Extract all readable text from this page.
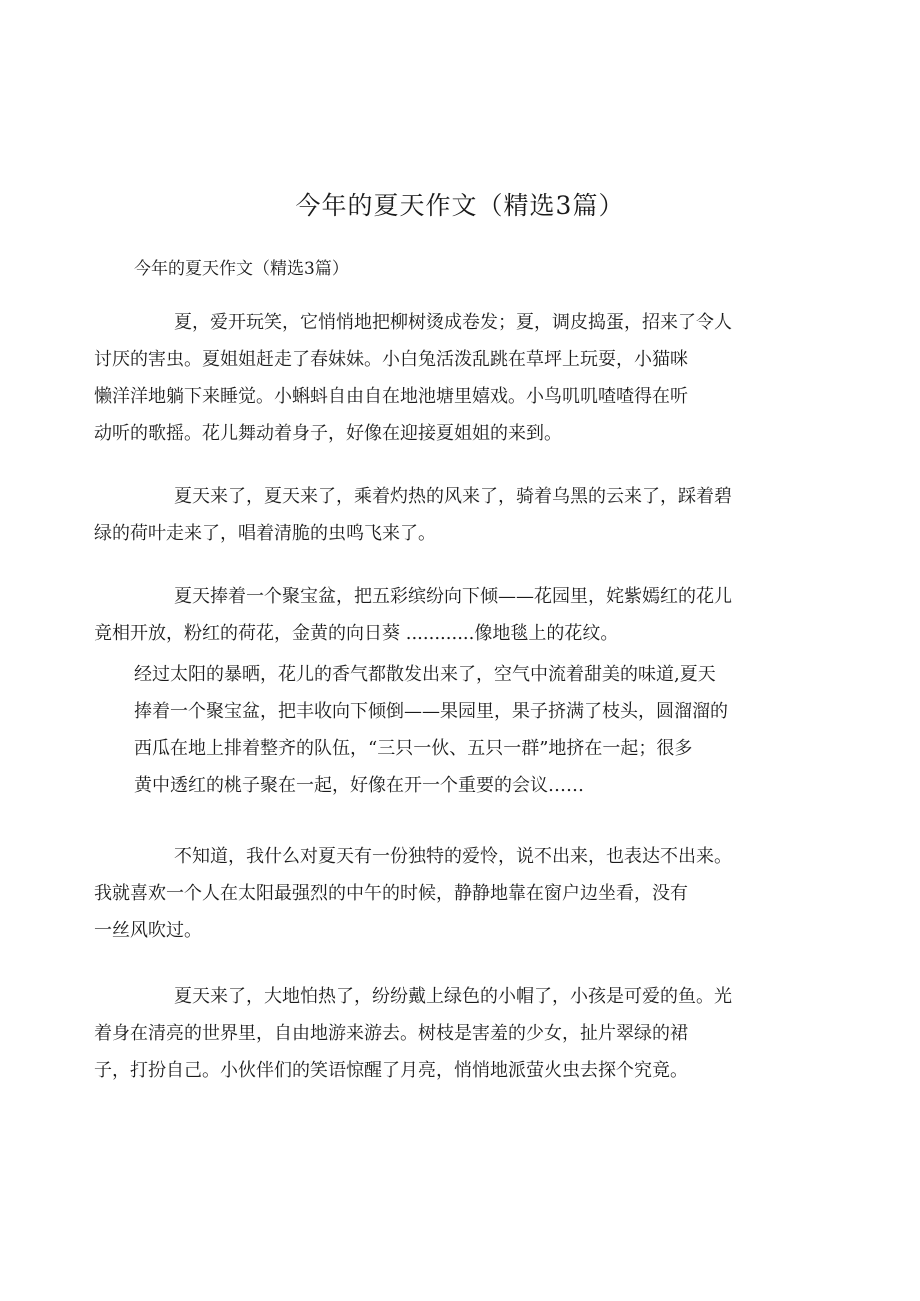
今年的夏天作文（精选3篇）

今年的夏天作文（精选3篇）

夏，爱开玩笑，它悄悄地把柳树烫成卷发；夏，调皮捣蛋，招来了令人
讨厌的害虫。夏姐姐赶走了春妹妹。小白兔活泼乱跳在草坪上玩耍，小猫咪
懒洋洋地躺下来睡觉。小蝌蚪自由自在地池塘里嬉戏。小鸟叽叽喳喳得在听
动听的歌摇。花儿舞动着身子，好像在迎接夏姐姐的来到。

夏天来了，夏天来了，乘着灼热的风来了，骑着乌黑的云来了，踩着碧
绿的荷叶走来了，唱着清脆的虫鸣飞来了。

夏天捧着一个聚宝盆，把五彩缤纷向下倾——花园里，姹紫嫣红的花儿
竟相开放，粉红的荷花，金黄的向日葵 ............像地毯上的花纹。

经过太阳的暴晒，花儿的香气都散发出来了，空气中流着甜美的味道,夏天
捧着一个聚宝盆，把丰收向下倾倒——果园里，果子挤满了枝头，圆溜溜的
西瓜在地上排着整齐的队伍，“三只一伙、五只一群”地挤在一起；很多
黄中透红的桃子聚在一起，好像在开一个重要的会议……

不知道，我什么对夏天有一份独特的爱怜，说不出来，也表达不出来。
我就喜欢一个人在太阳最强烈的中午的时候，静静地靠在窗户边坐看，没有
一丝风吹过。

夏天来了，大地怕热了，纷纷戴上绿色的小帽了，小孩是可爱的鱼。光
着身在清亮的世界里，自由地游来游去。树枝是害羞的少女，扯片翠绿的裙
子，打扮自己。小伙伴们的笑语惊醒了月亮，悄悄地派萤火虫去探个究竟。
